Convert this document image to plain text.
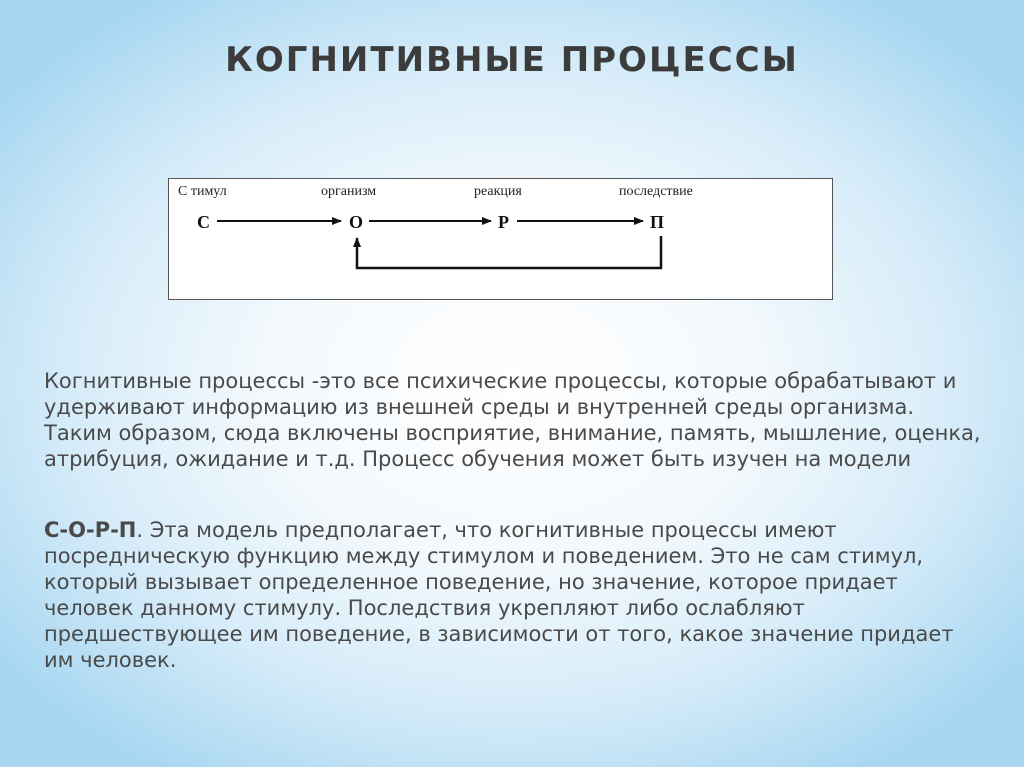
КОГНИТИВНЫЕ ПРОЦЕССЫ
С тимул	организм	реакция	последствие
С	О	Р	П

Когнитивные процессы -это все психические процессы, которые обрабатывают и удерживают информацию из внешней среды и внутренней среды организма. Таким образом, сюда включены восприятие, внимание, память, мышление, оценка, атрибуция, ожидание и т.д. Процесс обучения может быть изучен на модели

С-О-Р-П. Эта модель предполагает, что когнитивные процессы имеют посредническую функцию между стимулом и поведением. Это не сам стимул, который вызывает определенное поведение, но значение, которое придает человек данному стимулу. Последствия укрепляют либо ослабляют предшествующее им поведение, в зависимости от того, какое значение придает им человек.
